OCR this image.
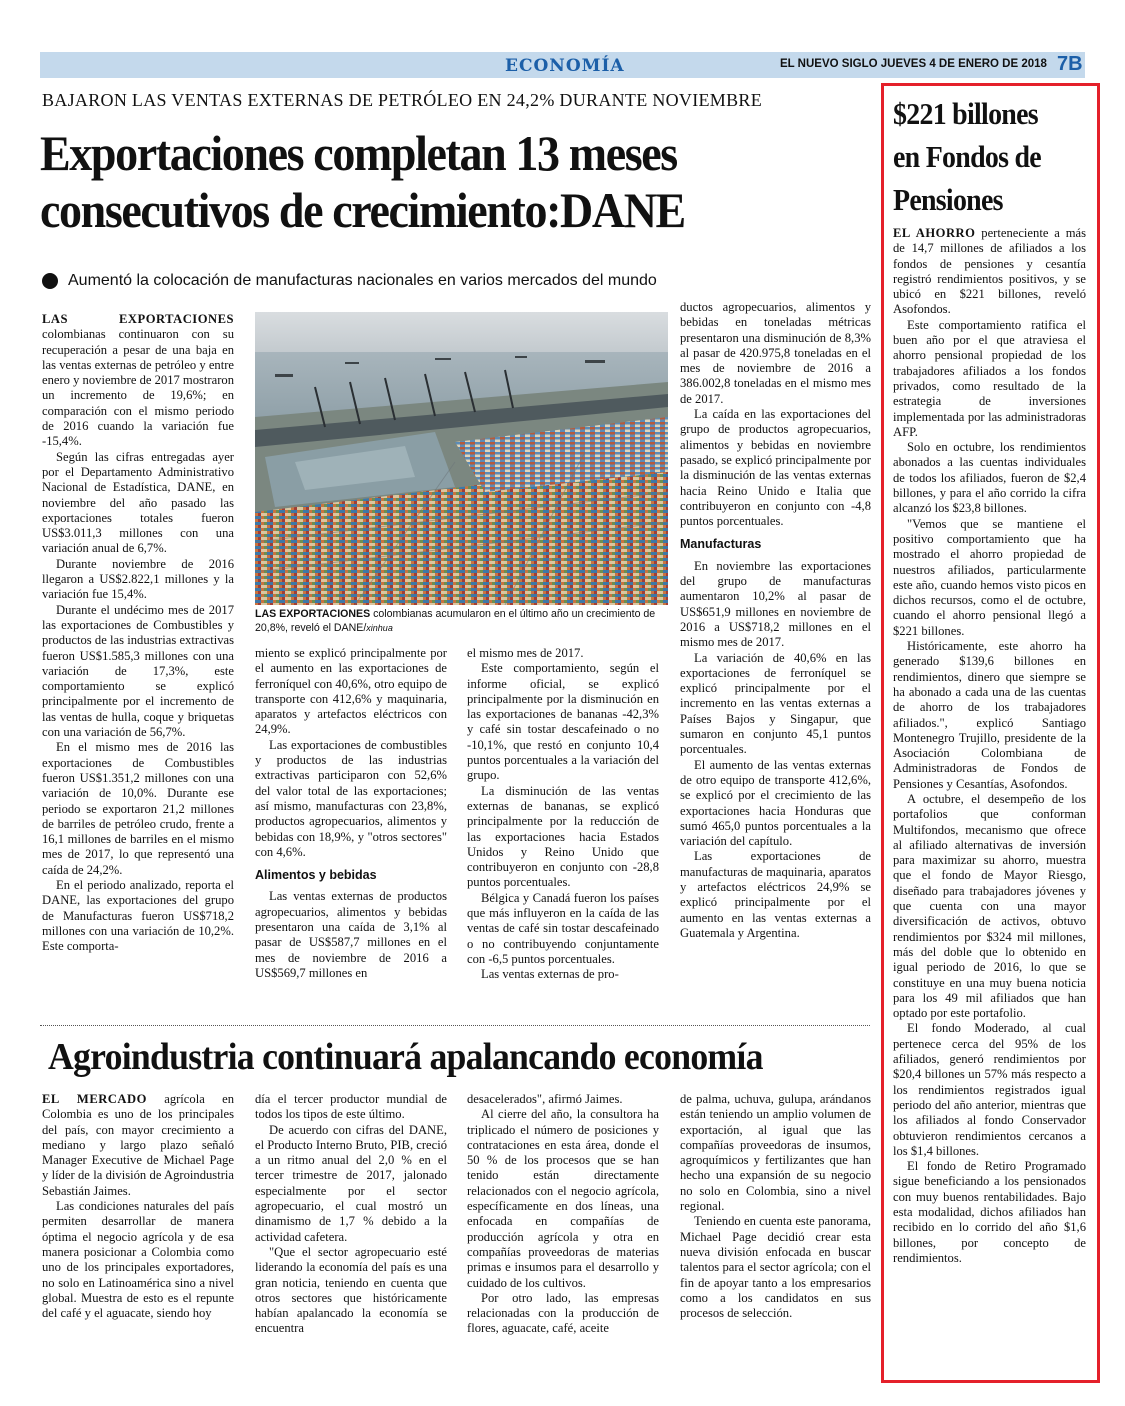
ECONOMÍA	EL NUEVO SIGLO JUEVES 4 DE ENERO DE 2018 7B
BAJARON LAS VENTAS EXTERNAS DE PETRÓLEO EN 24,2% DURANTE NOVIEMBRE
Exportaciones completan 13 meses
consecutivos de crecimiento:DANE
Aumentó la colocación de manufacturas nacionales en varios mercados del mundo

LAS EXPORTACIONES colombianas continuaron con su recuperación a pesar de una baja en las ventas externas de petróleo y entre enero y noviembre de 2017 mostraron un incremento de 19,6%; en comparación con el mismo periodo de 2016 cuando la variación fue -15,4%.

Según las cifras entregadas ayer por el Departamento Administrativo Nacional de Estadística, DANE, en noviembre del año pasado las exportaciones totales fueron US$3.011,3 millones con una variación anual de 6,7%.

Durante noviembre de 2016 llegaron a US$2.822,1 millones y la variación fue 15,4%.

Durante el undécimo mes de 2017 las exportaciones de Combustibles y productos de las industrias extractivas fueron US$1.585,3 millones con una variación de 17,3%, este comportamiento se explicó principalmente por el incremento de las ventas de hulla, coque y briquetas con una variación de 56,7%.

En el mismo mes de 2016 las exportaciones de Combustibles fueron US$1.351,2 millones con una variación de 10,0%. Durante ese periodo se exportaron 21,2 millones de barriles de petróleo crudo, frente a 16,1 millones de barriles en el mismo mes de 2017, lo que representó una caída de 24,2%.

En el periodo analizado, reporta el DANE, las exportaciones del grupo de Manufacturas fueron US$718,2 millones con una variación de 10,2%. Este comporta-

LAS EXPORTACIONES colombianas acumularon en el último año un crecimiento de 20,8%, reveló el DANE/xinhua

miento se explicó principalmente por el aumento en las exportaciones de ferroníquel con 40,6%, otro equipo de transporte con 412,6% y maquinaria, aparatos y artefactos eléctricos con 24,9%.

Las exportaciones de combustibles y productos de las industrias extractivas participaron con 52,6% del valor total de las exportaciones; así mismo, manufacturas con 23,8%, productos agropecuarios, alimentos y bebidas con 18,9%, y "otros sectores" con 4,6%.

Alimentos y bebidas

Las ventas externas de productos agropecuarios, alimentos y bebidas presentaron una caída de 3,1% al pasar de US$587,7 millones en el mes de noviembre de 2016 a US$569,7 millones en

el mismo mes de 2017.

Este comportamiento, según el informe oficial, se explicó principalmente por la disminución en las exportaciones de bananas -42,3% y café sin tostar descafeinado o no -10,1%, que restó en conjunto 10,4 puntos porcentuales a la variación del grupo.

La disminución de las ventas externas de bananas, se explicó principalmente por la reducción de las exportaciones hacia Estados Unidos y Reino Unido que contribuyeron en conjunto con -28,8 puntos porcentuales.

Bélgica y Canadá fueron los países que más influyeron en la caída de las ventas de café sin tostar descafeinado o no contribuyendo conjuntamente con -6,5 puntos porcentuales.

Las ventas externas de pro-

ductos agropecuarios, alimentos y bebidas en toneladas métricas presentaron una disminución de 8,3% al pasar de 420.975,8 toneladas en el mes de noviembre de 2016 a 386.002,8 toneladas en el mismo mes de 2017.

La caída en las exportaciones del grupo de productos agropecuarios, alimentos y bebidas en noviembre pasado, se explicó principalmente por la disminución de las ventas externas hacia Reino Unido e Italia que contribuyeron en conjunto con -4,8 puntos porcentuales.

Manufacturas

En noviembre las exportaciones del grupo de manufacturas aumentaron 10,2% al pasar de US$651,9 millones en noviembre de 2016 a US$718,2 millones en el mismo mes de 2017.

La variación de 40,6% en las exportaciones de ferroníquel se explicó principalmente por el incremento en las ventas externas a Países Bajos y Singapur, que sumaron en conjunto 45,1 puntos porcentuales.

El aumento de las ventas externas de otro equipo de transporte 412,6%, se explicó por el crecimiento de las exportaciones hacia Honduras que sumó 465,0 puntos porcentuales a la variación del capítulo.

Las exportaciones de manufacturas de maquinaria, aparatos y artefactos eléctricos 24,9% se explicó principalmente por el aumento en las ventas externas a Guatemala y Argentina.

Agroindustria continuará apalancando economía

EL MERCADO agrícola en Colombia es uno de los principales del país, con mayor crecimiento a mediano y largo plazo señaló Manager Executive de Michael Page y líder de la división de Agroindustria Sebastián Jaimes.

Las condiciones naturales del país permiten desarrollar de manera óptima el negocio agrícola y de esa manera posicionar a Colombia como uno de los principales exportadores, no solo en Latinoamérica sino a nivel global. Muestra de esto es el repunte del café y el aguacate, siendo hoy

día el tercer productor mundial de todos los tipos de este último.

De acuerdo con cifras del DANE, el Producto Interno Bruto, PIB, creció a un ritmo anual del 2,0 % en el tercer trimestre de 2017, jalonado especialmente por el sector agropecuario, el cual mostró un dinamismo de 1,7 % debido a la actividad cafetera.

"Que el sector agropecuario esté liderando la economía del país es una gran noticia, teniendo en cuenta que otros sectores que históricamente habían apalancado la economía se encuentra

desacelerados", afirmó Jaimes.

Al cierre del año, la consultora ha triplicado el número de posiciones y contrataciones en esta área, donde el 50 % de los procesos que se han tenido están directamente relacionados con el negocio agrícola, específicamente en dos líneas, una enfocada en compañías de producción agrícola y otra en compañías proveedoras de materias primas e insumos para el desarrollo y cuidado de los cultivos.

Por otro lado, las empresas relacionadas con la producción de flores, aguacate, café, aceite

de palma, uchuva, gulupa, arándanos están teniendo un amplio volumen de exportación, al igual que las compañías proveedoras de insumos, agroquímicos y fertilizantes que han hecho una expansión de su negocio no solo en Colombia, sino a nivel regional.

Teniendo en cuenta este panorama, Michael Page decidió crear esta nueva división enfocada en buscar talentos para el sector agrícola; con el fin de apoyar tanto a los empresarios como a los candidatos en sus procesos de selección.

$221 billones
en Fondos de
Pensiones

EL AHORRO perteneciente a más de 14,7 millones de afiliados a los fondos de pensiones y cesantía registró rendimientos positivos, y se ubicó en $221 billones, reveló Asofondos.

Este comportamiento ratifica el buen año por el que atraviesa el ahorro pensional propiedad de los trabajadores afiliados a los fondos privados, como resultado de la estrategia de inversiones implementada por las administradoras AFP.

Solo en octubre, los rendimientos abonados a las cuentas individuales de todos los afiliados, fueron de $2,4 billones, y para el año corrido la cifra alcanzó los $23,8 billones.

"Vemos que se mantiene el positivo comportamiento que ha mostrado el ahorro propiedad de nuestros afiliados, particularmente este año, cuando hemos visto picos en dichos recursos, como el de octubre, cuando el ahorro pensional llegó a $221 billones.

Históricamente, este ahorro ha generado $139,6 billones en rendimientos, dinero que siempre se ha abonado a cada una de las cuentas de ahorro de los trabajadores afiliados.", explicó Santiago Montenegro Trujillo, presidente de la Asociación Colombiana de Administradoras de Fondos de Pensiones y Cesantías, Asofondos.

A octubre, el desempeño de los portafolios que conforman Multifondos, mecanismo que ofrece al afiliado alternativas de inversión para maximizar su ahorro, muestra que el fondo de Mayor Riesgo, diseñado para trabajadores jóvenes y que cuenta con una mayor diversificación de activos, obtuvo rendimientos por $324 mil millones, más del doble que lo obtenido en igual periodo de 2016, lo que se constituye en una muy buena noticia para los 49 mil afiliados que han optado por este portafolio.

El fondo Moderado, al cual pertenece cerca del 95% de los afiliados, generó rendimientos por $20,4 billones un 57% más respecto a los rendimientos registrados igual periodo del año anterior, mientras que los afiliados al fondo Conservador obtuvieron rendimientos cercanos a los $1,4 billones.

El fondo de Retiro Programado sigue beneficiando a los pensionados con muy buenos rentabilidades. Bajo esta modalidad, dichos afiliados han recibido en lo corrido del año $1,6 billones, por concepto de rendimientos.
